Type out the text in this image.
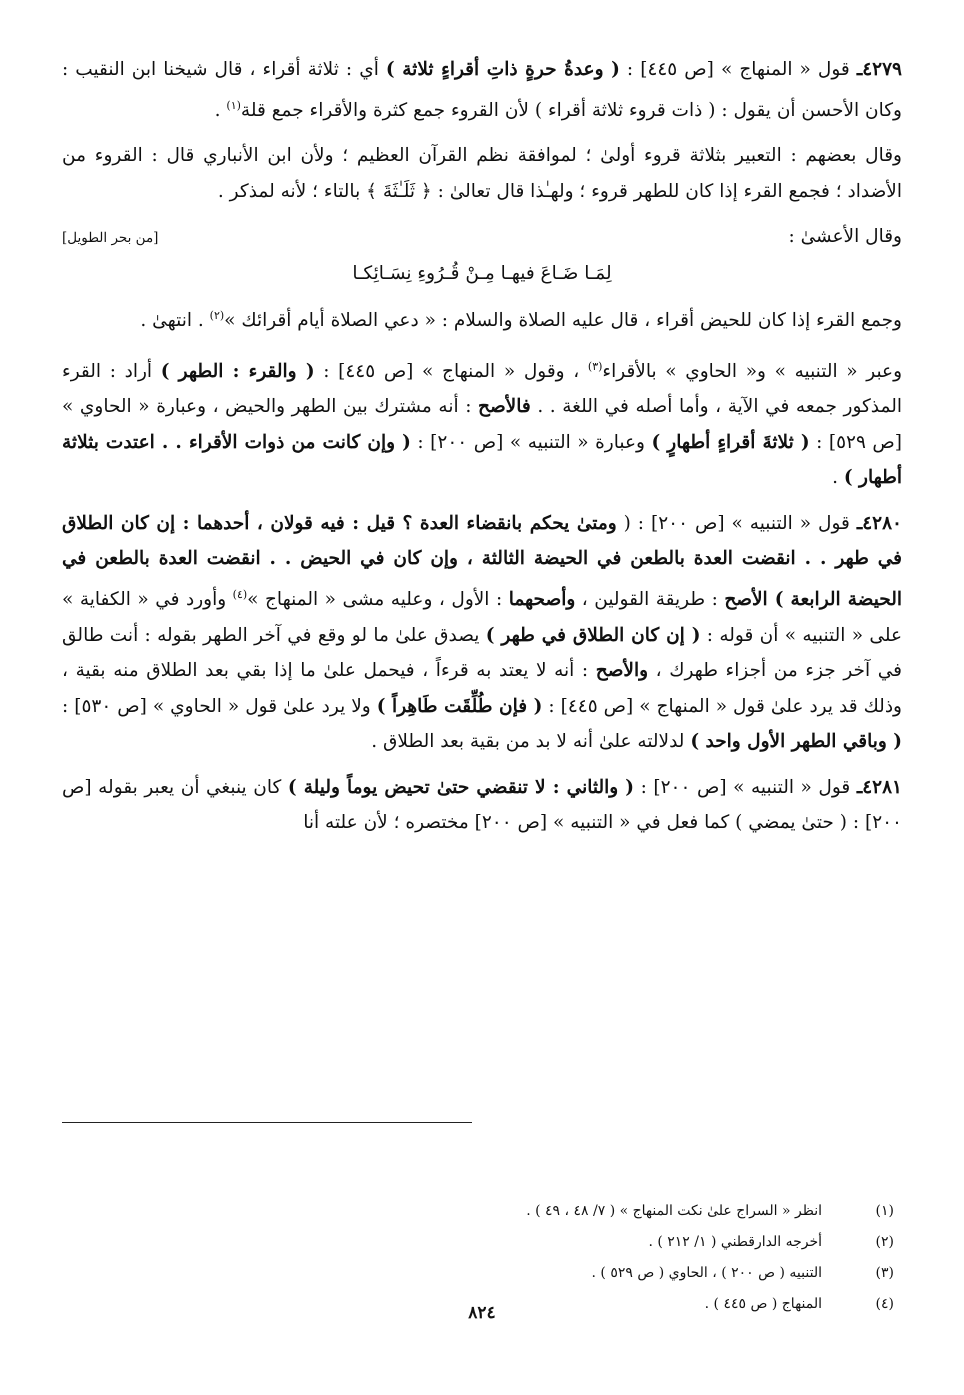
٤٢٧٩ـ قول « المنهاج » [ص ٤٤٥] : ( وعدةُ حرةٍ ذاتِ أقراءٍ ثلاثة ) أي : ثلاثة أقراء ، قال شيخنا ابن النقيب : وكان الأحسن أن يقول : ( ذات قروء ثلاثة أقراء ) لأن القروء جمع كثرة والأقراء جمع قلة$^{(١)}$ .

وقال بعضهم : التعبير بثلاثة قروء أولىٰ ؛ لموافقة نظم القرآن العظيم ؛ ولأن ابن الأنباري قال : القروء من الأضداد ؛ فجمع القرء إذا كان للطهر قروء ؛ ولهـٰذا قال تعالىٰ : ﴿ ثَلَـٰثَةَ ﴾ بالتاء ؛ لأنه لمذكر .

وقال الأعشىٰ :
[من بحر الطويل]
لِمَـا ضَـاعَ فيهـا مِـنْ قُـرُوءِ نِسَـائِكـا

وجمع القرء إذا كان للحيض أقراء ، قال عليه الصلاة والسلام : « دعي الصلاة أيام أقرائك »$^{(٢)}$ . انتهىٰ .

وعبر « التنبيه » و« الحاوي » بالأقراء$^{(٣)}$ ، وقول « المنهاج » [ص ٤٤٥] : ( والقرء : الطهر ) أراد : القرء المذكور جمعه في الآية ، وأما أصله في اللغة . . فالأصح : أنه مشترك بين الطهر والحيض ، وعبارة « الحاوي » [ص ٥٢٩] : ( ثلاثةَ أقراءٍ أطهارٍ ) وعبارة « التنبيه » [ص ٢٠٠] : ( وإن كانت من ذوات الأقراء . . اعتدت بثلاثة أطهار ) .

٤٢٨٠ـ قول « التنبيه » [ص ٢٠٠] : ( ومتىٰ يحكم بانقضاء العدة ؟ قيل : فيه قولان ، أحدهما : إن كان الطلاق في طهر . . انقضت العدة بالطعن في الحيضة الثالثة ، وإن كان في الحيض . . انقضت العدة بالطعن في الحيضة الرابعة ) الأصح : طريقة القولين ، وأصحهما : الأول ، وعليه مشى « المنهاج »$^{(٤)}$ وأورد في « الكفاية » على « التنبيه » أن قوله : ( إن كان الطلاق في طهر ) يصدق علىٰ ما لو وقع في آخر الطهر بقوله : أنت طالق في آخر جزء من أجزاء طهرك ، والأصح : أنه لا يعتد به قرءاً ، فيحمل علىٰ ما إذا بقي بعد الطلاق منه بقية ، وذلك قد يرد علىٰ قول « المنهاج » [ص ٤٤٥] : ( فإن طُلِّقَت طَاهِراً ) ولا يرد علىٰ قول « الحاوي » [ص ٥٣٠] : ( وباقي الطهر الأول واحد ) لدلالته علىٰ أنه لا بد من بقية بعد الطلاق .

٤٢٨١ـ قول « التنبيه » [ص ٢٠٠] : ( والثاني : لا تنقضي حتىٰ تحيض يوماً وليلة ) كان ينبغي أن يعبر بقوله [ص ٢٠٠] : ( حتىٰ يمضي ) كما فعل في « التنبيه » [ص ٢٠٠] مختصره ؛ لأن علته أنا

(١)
انظر « السراج علىٰ نكت المنهاج » ( ٧/ ٤٨ ، ٤٩ ) .
(٢)
أخرجه الدارقطني ( ١/ ٢١٢ ) .
(٣)
التنبيه ( ص ٢٠٠ ) ، الحاوي ( ص ٥٢٩ ) .
(٤)
المنهاج ( ص ٤٤٥ ) .
٨٢٤
